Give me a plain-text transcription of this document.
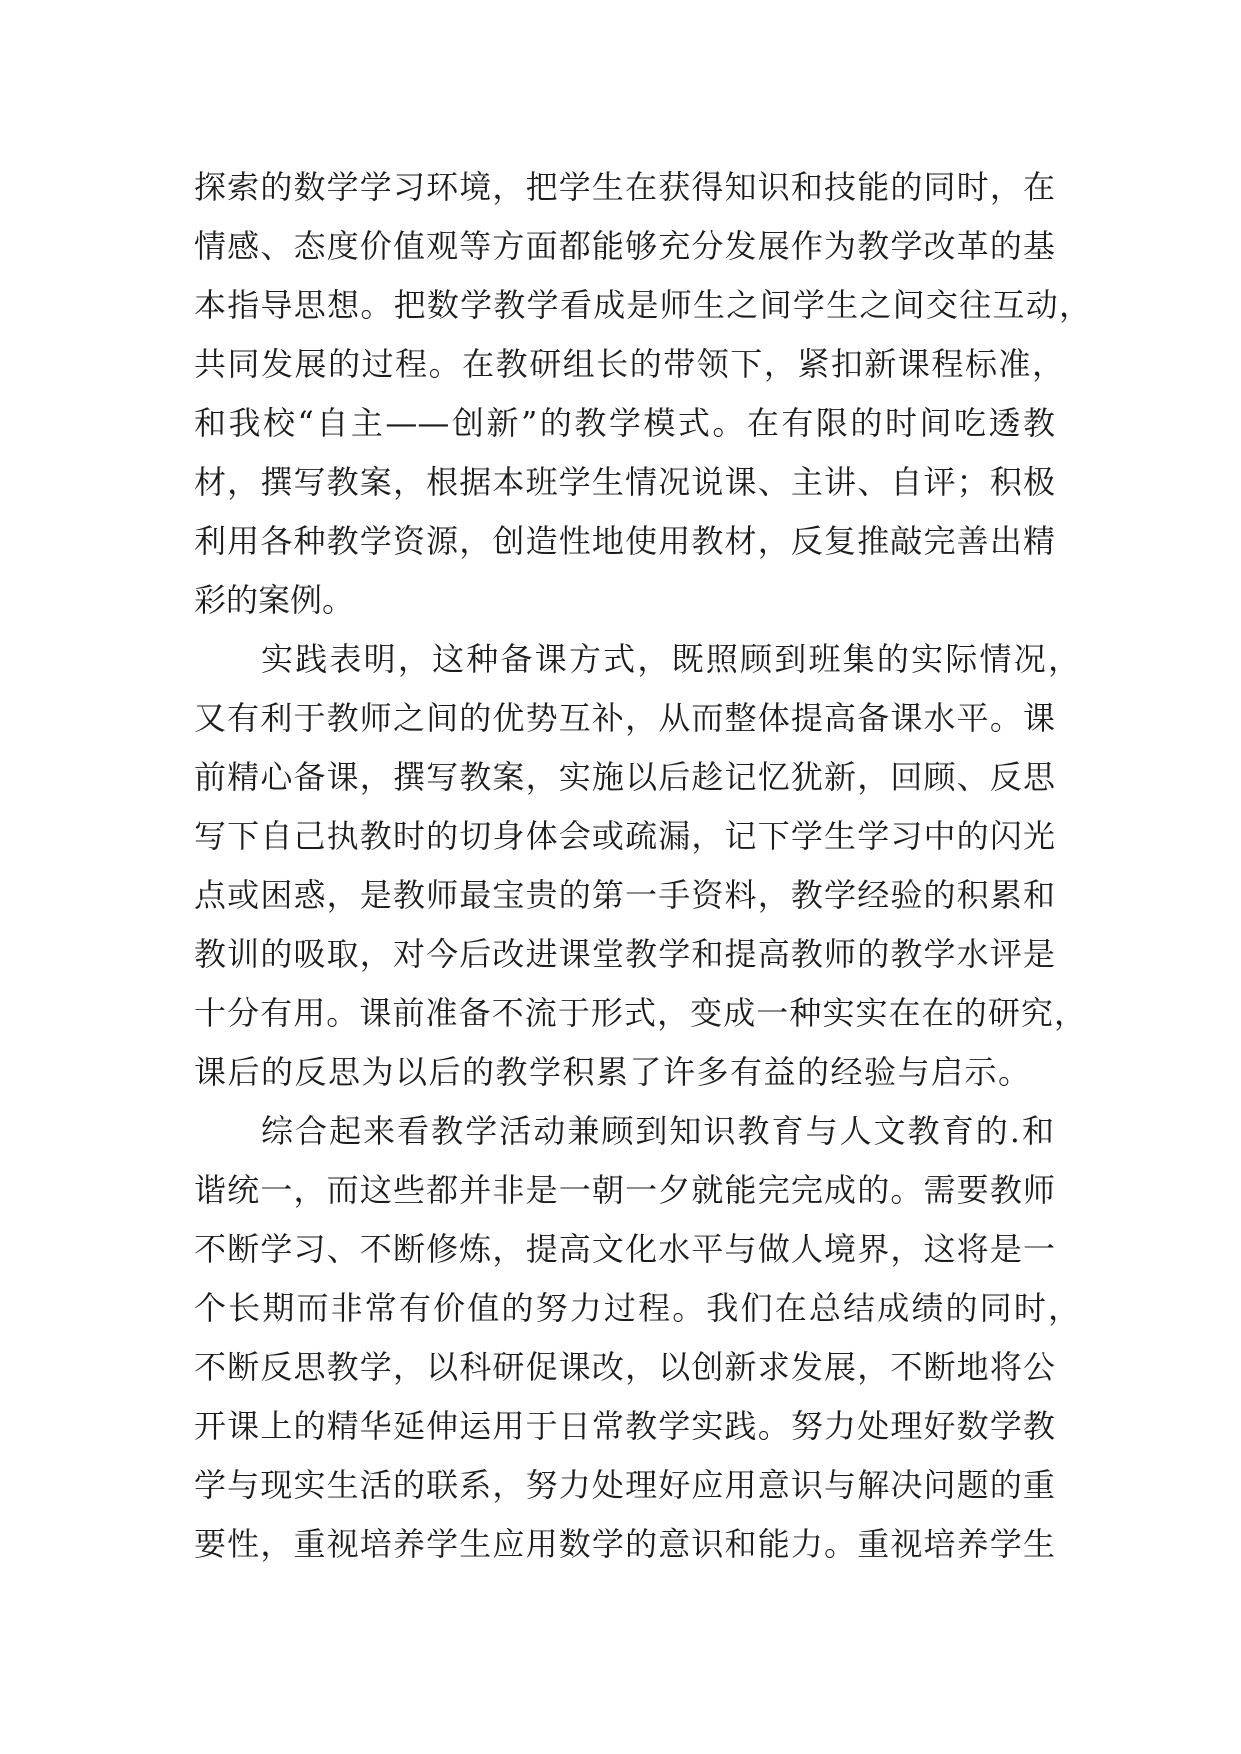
探索的数学学习环境，把学生在获得知识和技能的同时，在
情感、态度价值观等方面都能够充分发展作为教学改革的基
本指导思想。把数学教学看成是师生之间学生之间交往互动，
共同发展的过程。在教研组长的带领下，紧扣新课程标准，
和我校“自主——创新”的教学模式。在有限的时间吃透教
材，撰写教案，根据本班学生情况说课、主讲、自评；积极
利用各种教学资源，创造性地使用教材，反复推敲完善出精
彩的案例。
实践表明，这种备课方式，既照顾到班集的实际情况，
又有利于教师之间的优势互补，从而整体提高备课水平。课
前精心备课，撰写教案，实施以后趁记忆犹新，回顾、反思
写下自己执教时的切身体会或疏漏，记下学生学习中的闪光
点或困惑，是教师最宝贵的第一手资料，教学经验的积累和
教训的吸取，对今后改进课堂教学和提高教师的教学水评是
十分有用。课前准备不流于形式，变成一种实实在在的研究，
课后的反思为以后的教学积累了许多有益的经验与启示。
综合起来看教学活动兼顾到知识教育与人文教育的.和
谐统一，而这些都并非是一朝一夕就能完完成的。需要教师
不断学习、不断修炼，提高文化水平与做人境界，这将是一
个长期而非常有价值的努力过程。我们在总结成绩的同时，
不断反思教学，以科研促课改，以创新求发展，不断地将公
开课上的精华延伸运用于日常教学实践。努力处理好数学教
学与现实生活的联系，努力处理好应用意识与解决问题的重
要性，重视培养学生应用数学的意识和能力。重视培养学生
